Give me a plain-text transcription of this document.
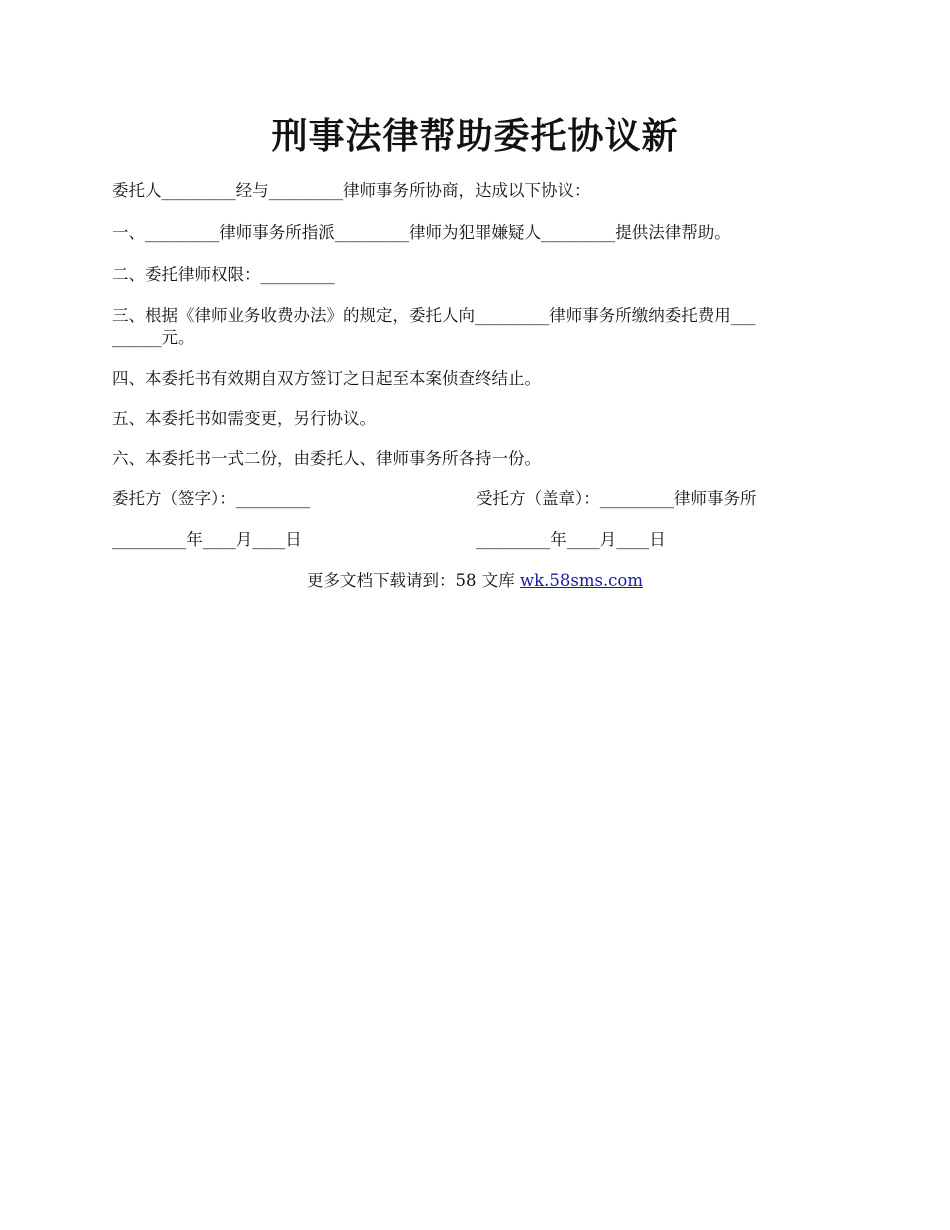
刑事法律帮助委托协议新
委托人_________经与_________律师事务所协商，达成以下协议：
一、_________律师事务所指派_________律师为犯罪嫌疑人_________提供法律帮助。
二、委托律师权限：_________
三、根据《律师业务收费办法》的规定，委托人向_________律师事务所缴纳委托费用___
______元。
四、本委托书有效期自双方签订之日起至本案侦查终结止。
五、本委托书如需变更，另行协议。
六、本委托书一式二份，由委托人、律师事务所各持一份。
委托方（签字）：_________	受托方（盖章）：_________律师事务所
_________年____月____日	_________年____月____日
更多文档下载请到：58 文库 wk.58sms.com
